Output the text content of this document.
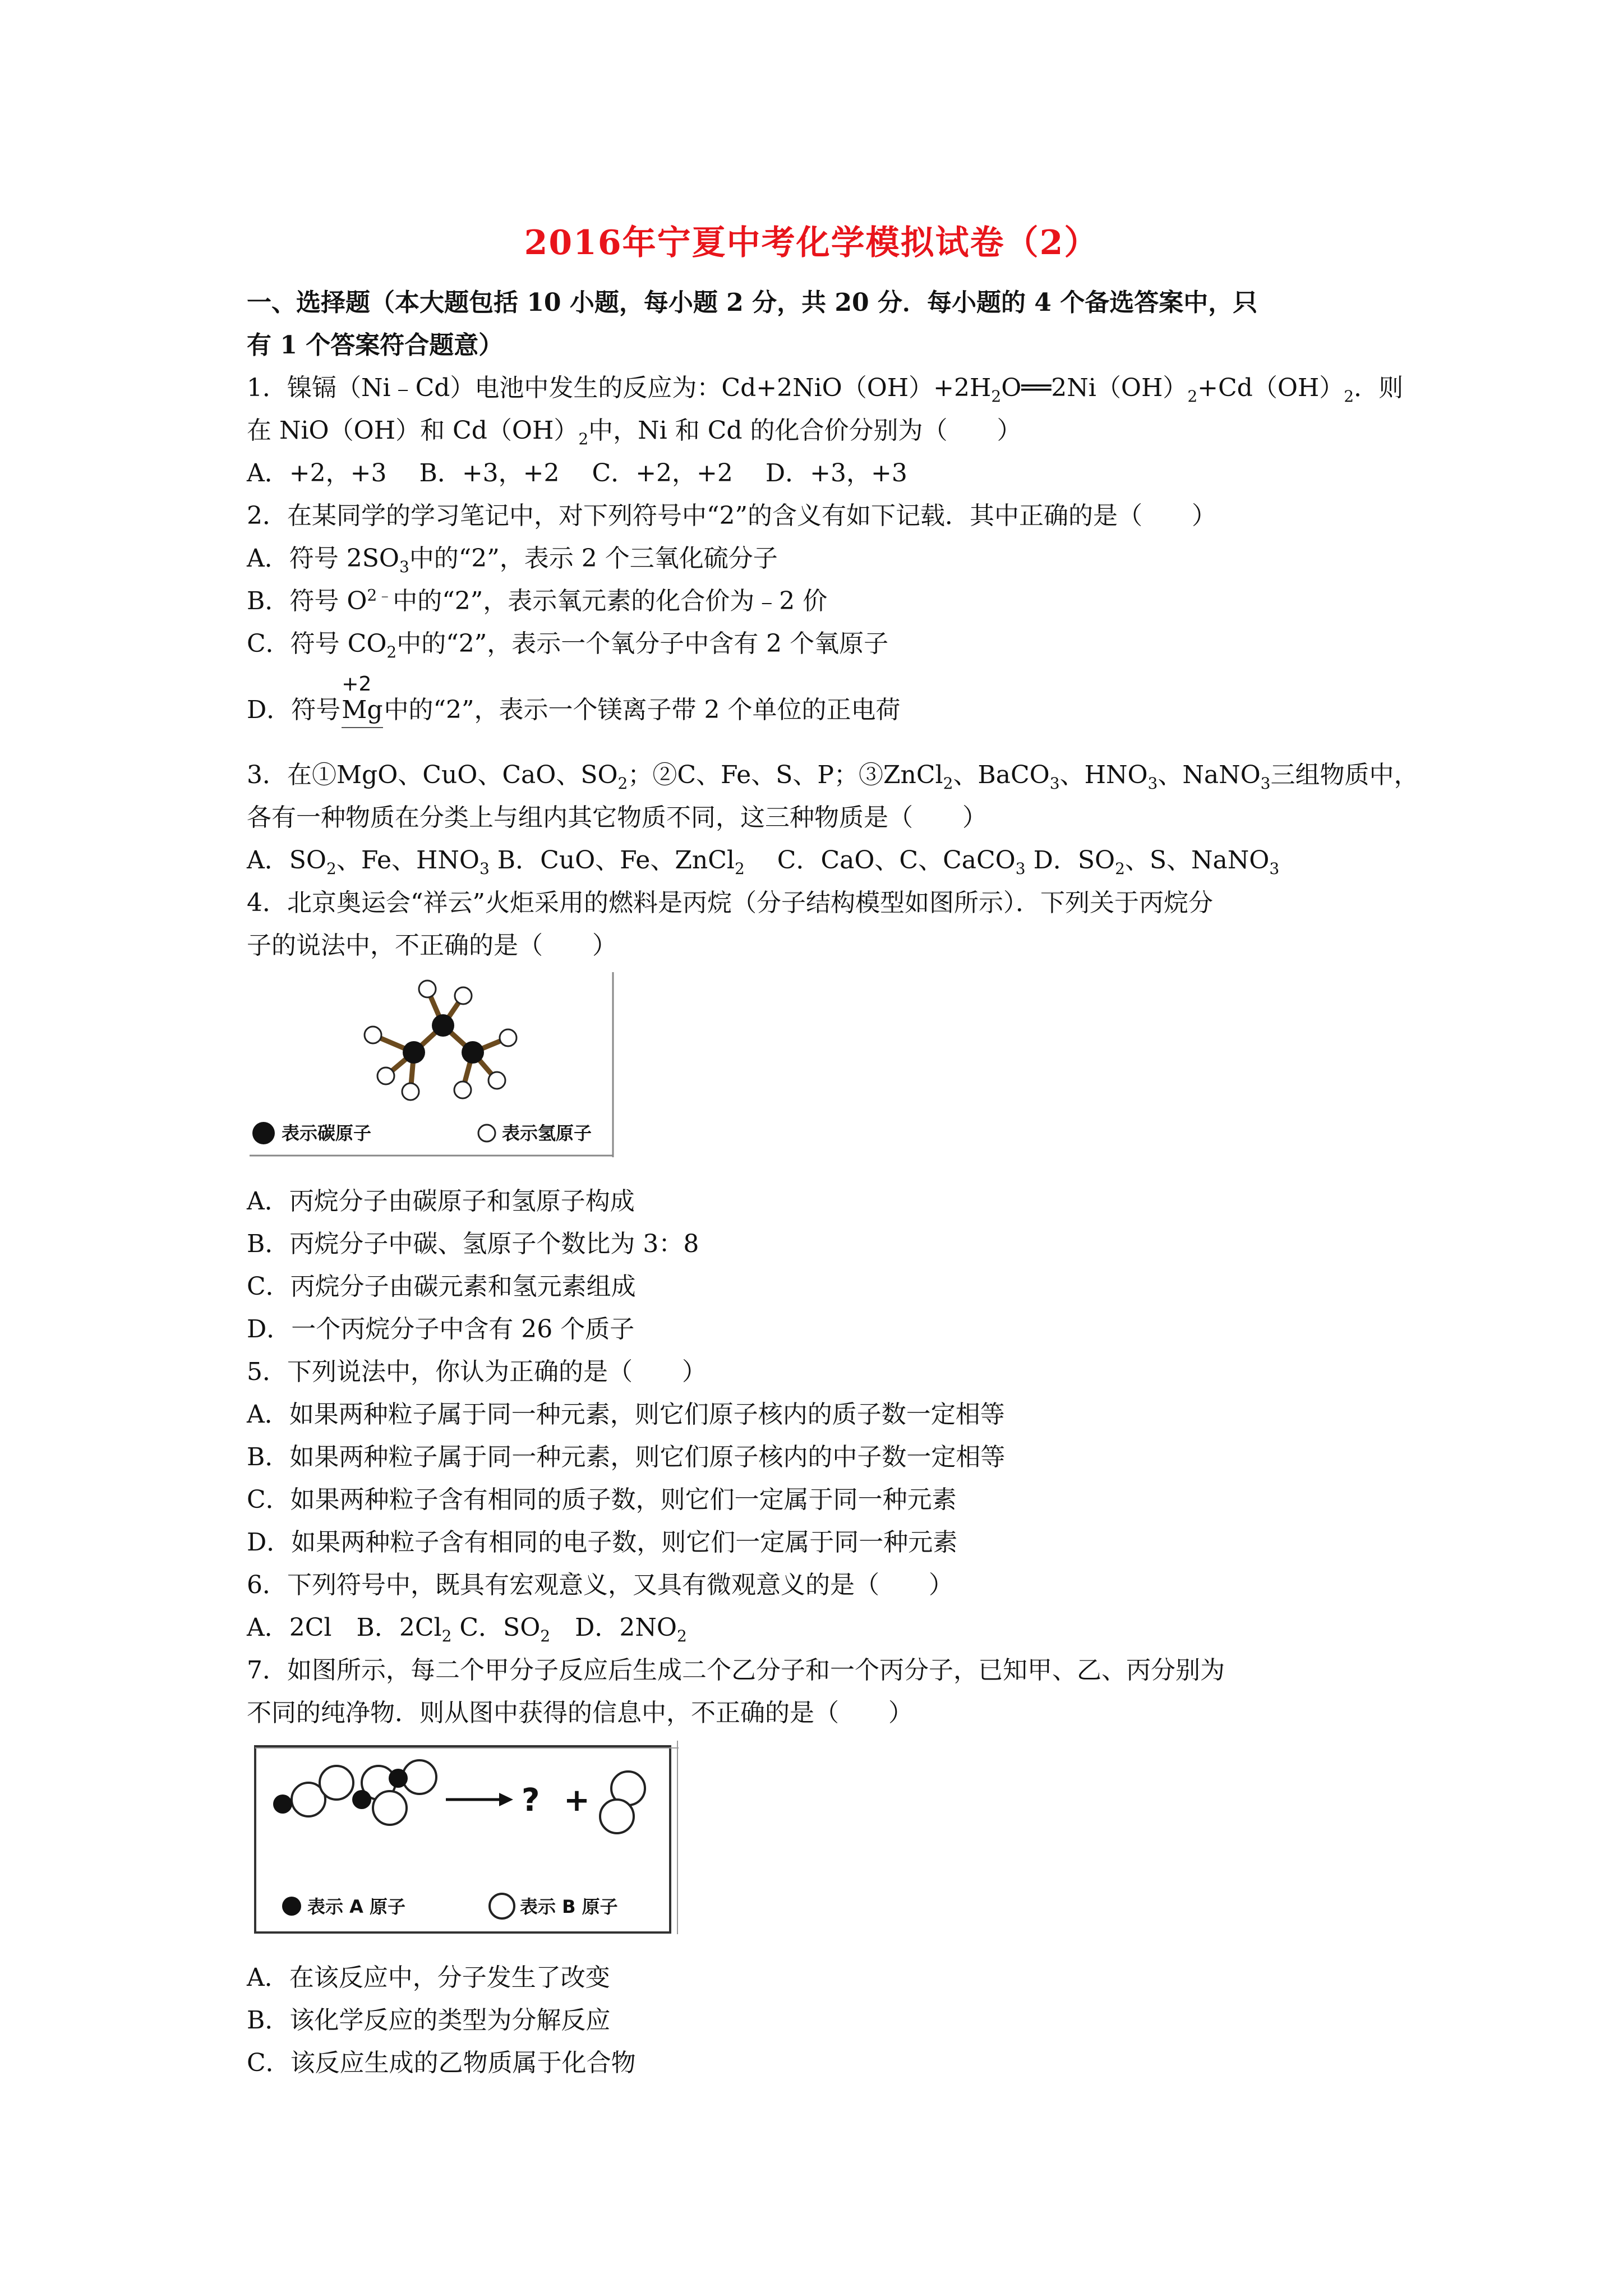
2016年宁夏中考化学模拟试卷（2）
一、选择题（本大题包括 10 小题，每小题 2 分，共 20 分．每小题的 4 个备选答案中，只
有 1 个答案符合题意）
1．镍镉（Ni﹣Cd）电池中发生的反应为：$Cd+2NiO(OH)+2H_2O══2Ni(OH)_2+Cd(OH)_2$．则
在 NiO（OH）和 $Cd(OH)_2$中，Ni 和 Cd 的化合价分别为（　　）
A．+2，+3　 B．+3，+2　 C．+2，+2　 D．+3，+3
2．在某同学的学习笔记中，对下列符号中“2”的含义有如下记载．其中正确的是（　　）
A．符号 $2SO_3$中的“2”，表示 2 个三氧化硫分子
B．符号 $O^{2﹣}$中的“2”，表示氧元素的化合价为﹣2 价
C．符号 $CO_2$中的“2”，表示一个氧分子中含有 2 个氧原子
D．符号
+2
Mg中的“2”，表示一个镁离子带 2 个单位的正电荷
3．在①MgO、CuO、CaO、$SO_2$；②C、Fe、S、P；③ZnCl$_2$、BaCO$_3$、$HNO_3$、NaNO$_3$三组物质中，
各有一种物质在分类上与组内其它物质不同，这三种物质是（　　）
A．$SO_2$、Fe、$HNO_3$ B．CuO、Fe、ZnCl$_2$　 C．CaO、C、CaCO$_3$ D．$SO_2$、S、NaNO$_3$
4．北京奥运会“祥云”火炬采用的燃料是丙烷（分子结构模型如图所示）．下列关于丙烷分
子的说法中，不正确的是（　　）
表示碳原子	表示氢原子
A．丙烷分子由碳原子和氢原子构成
B．丙烷分子中碳、氢原子个数比为 3：8
C．丙烷分子由碳元素和氢元素组成
D．一个丙烷分子中含有 26 个质子
5．下列说法中，你认为正确的是（　　）
A．如果两种粒子属于同一种元素，则它们原子核内的质子数一定相等
B．如果两种粒子属于同一种元素，则它们原子核内的中子数一定相等
C．如果两种粒子含有相同的质子数，则它们一定属于同一种元素
D．如果两种粒子含有相同的电子数，则它们一定属于同一种元素
6．下列符号中，既具有宏观意义，又具有微观意义的是（　　）
A．2Cl　B．$2Cl_2$ C．$SO_2$　D．$2NO_2$
7．如图所示，每二个甲分子反应后生成二个乙分子和一个丙分子，已知甲、乙、丙分别为
不同的纯净物．则从图中获得的信息中，不正确的是（　　）
? +
表示 A 原子	表示 B 原子
A．在该反应中，分子发生了改变
B．该化学反应的类型为分解反应
C．该反应生成的乙物质属于化合物
